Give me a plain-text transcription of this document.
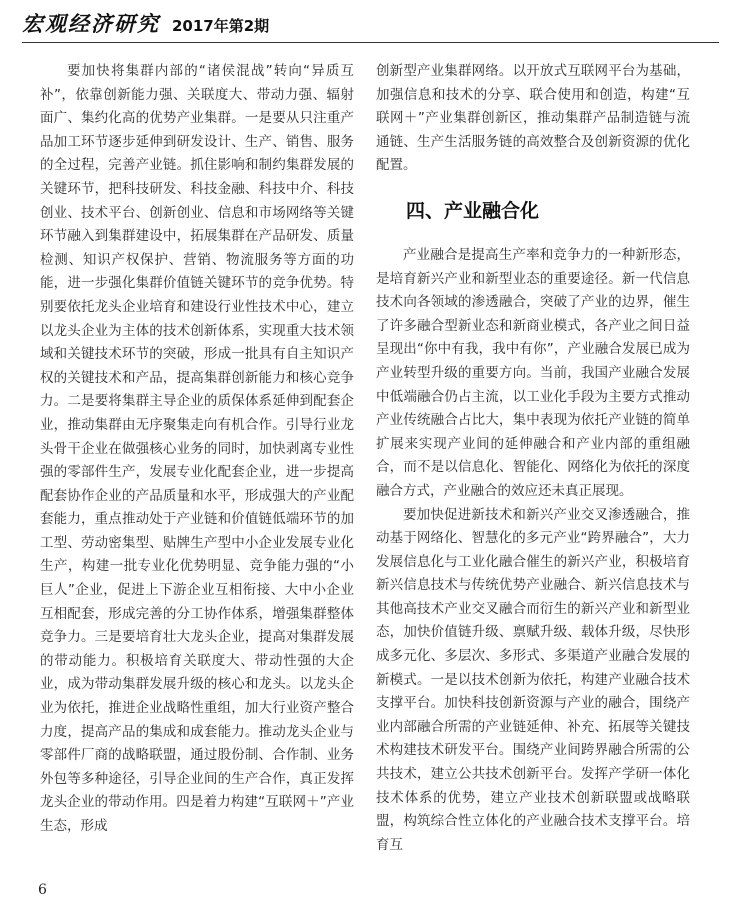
宏观经济研究 2017年第2期

要加快将集群内部的“诸侯混战”转向“异质互补”，依靠创新能力强、关联度大、带动力强、辐射面广、集约化高的优势产业集群。一是要从只注重产品加工环节逐步延伸到研发设计、生产、销售、服务的全过程，完善产业链。抓住影响和制约集群发展的关键环节，把科技研发、科技金融、科技中介、科技创业、技术平台、创新创业、信息和市场网络等关键环节融入到集群建设中，拓展集群在产品研发、质量检测、知识产权保护、营销、物流服务等方面的功能，进一步强化集群价值链关键环节的竞争优势。特别要依托龙头企业培育和建设行业性技术中心，建立以龙头企业为主体的技术创新体系，实现重大技术领域和关键技术环节的突破，形成一批具有自主知识产权的关键技术和产品，提高集群创新能力和核心竞争力。二是要将集群主导企业的质保体系延伸到配套企业，推动集群由无序聚集走向有机合作。引导行业龙头骨干企业在做强核心业务的同时，加快剥离专业性强的零部件生产，发展专业化配套企业，进一步提高配套协作企业的产品质量和水平，形成强大的产业配套能力，重点推动处于产业链和价值链低端环节的加工型、劳动密集型、贴牌生产型中小企业发展专业化生产，构建一批专业化优势明显、竞争能力强的“小巨人”企业，促进上下游企业互相衔接、大中小企业互相配套，形成完善的分工协作体系，增强集群整体竞争力。三是要培育壮大龙头企业，提高对集群发展的带动能力。积极培育关联度大、带动性强的大企业，成为带动集群发展升级的核心和龙头。以龙头企业为依托，推进企业战略性重组，加大行业资产整合力度，提高产品的集成和成套能力。推动龙头企业与零部件厂商的战略联盟，通过股份制、合作制、业务外包等多种途径，引导企业间的生产合作，真正发挥龙头企业的带动作用。四是着力构建“互联网＋”产业生态，形成

创新型产业集群网络。以开放式互联网平台为基础，加强信息和技术的分享、联合使用和创造，构建“互联网＋”产业集群创新区，推动集群产品制造链与流通链、生产生活服务链的高效整合及创新资源的优化配置。

四、产业融合化

产业融合是提高生产率和竞争力的一种新形态，是培育新兴产业和新型业态的重要途径。新一代信息技术向各领域的渗透融合，突破了产业的边界，催生了许多融合型新业态和新商业模式，各产业之间日益呈现出“你中有我，我中有你”，产业融合发展已成为产业转型升级的重要方向。当前，我国产业融合发展中低端融合仍占主流，以工业化手段为主要方式推动产业传统融合占比大，集中表现为依托产业链的简单扩展来实现产业间的延伸融合和产业内部的重组融合，而不是以信息化、智能化、网络化为依托的深度融合方式，产业融合的效应还未真正展现。

要加快促进新技术和新兴产业交叉渗透融合，推动基于网络化、智慧化的多元产业“跨界融合”，大力发展信息化与工业化融合催生的新兴产业，积极培育新兴信息技术与传统优势产业融合、新兴信息技术与其他高技术产业交叉融合而衍生的新兴产业和新型业态，加快价值链升级、禀赋升级、载体升级，尽快形成多元化、多层次、多形式、多渠道产业融合发展的新模式。一是以技术创新为依托，构建产业融合技术支撑平台。加快科技创新资源与产业的融合，围绕产业内部融合所需的产业链延伸、补充、拓展等关键技术构建技术研发平台。围绕产业间跨界融合所需的公共技术，建立公共技术创新平台。发挥产学研一体化技术体系的优势，建立产业技术创新联盟或战略联盟，构筑综合性立体化的产业融合技术支撑平台。培育互

6
